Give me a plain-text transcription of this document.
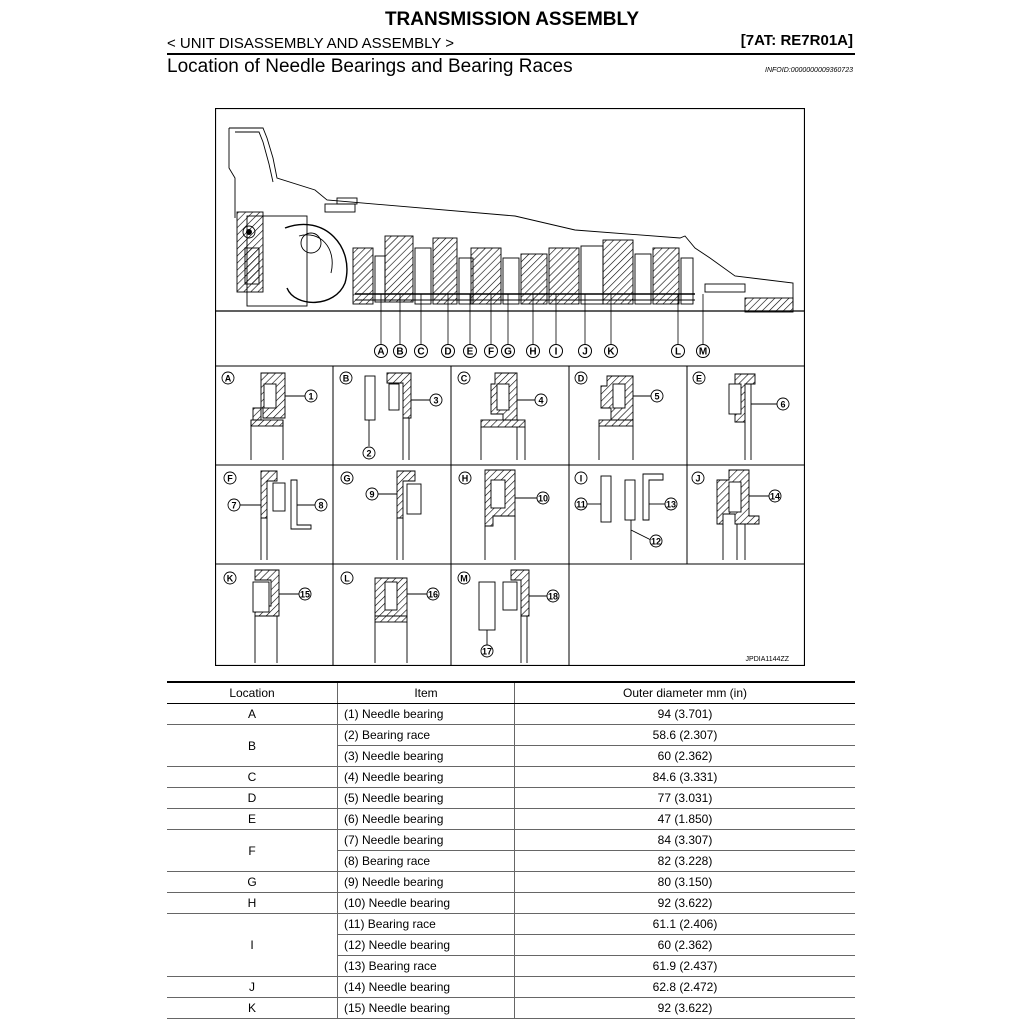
TRANSMISSION ASSEMBLY
< UNIT DISASSEMBLY AND ASSEMBLY >	[7AT: RE7R01A]
Location of Needle Bearings and Bearing Races	INFOID:0000000009360723
A B C D E F G H I J K	L M
A
1
B
2
3
C
4
D
5
E
6
F
7	8
G
9
H
10
I
11
12
13
J
14
K
15
L
16
M
17
18
JPDIA1144ZZ
Location	Item	Outer diameter mm (in)
A	(1) Needle bearing	94 (3.701)
B	(2) Bearing race	58.6 (2.307)
	(3) Needle bearing	60 (2.362)
C	(4) Needle bearing	84.6 (3.331)
D	(5) Needle bearing	77 (3.031)
E	(6) Needle bearing	47 (1.850)
F	(7) Needle bearing	84 (3.307)
	(8) Bearing race	82 (3.228)
G	(9) Needle bearing	80 (3.150)
H	(10) Needle bearing	92 (3.622)
I	(11) Bearing race	61.1 (2.406)
	(12) Needle bearing	60 (2.362)
	(13) Bearing race	61.9 (2.437)
J	(14) Needle bearing	62.8 (2.472)
K	(15) Needle bearing	92 (3.622)
